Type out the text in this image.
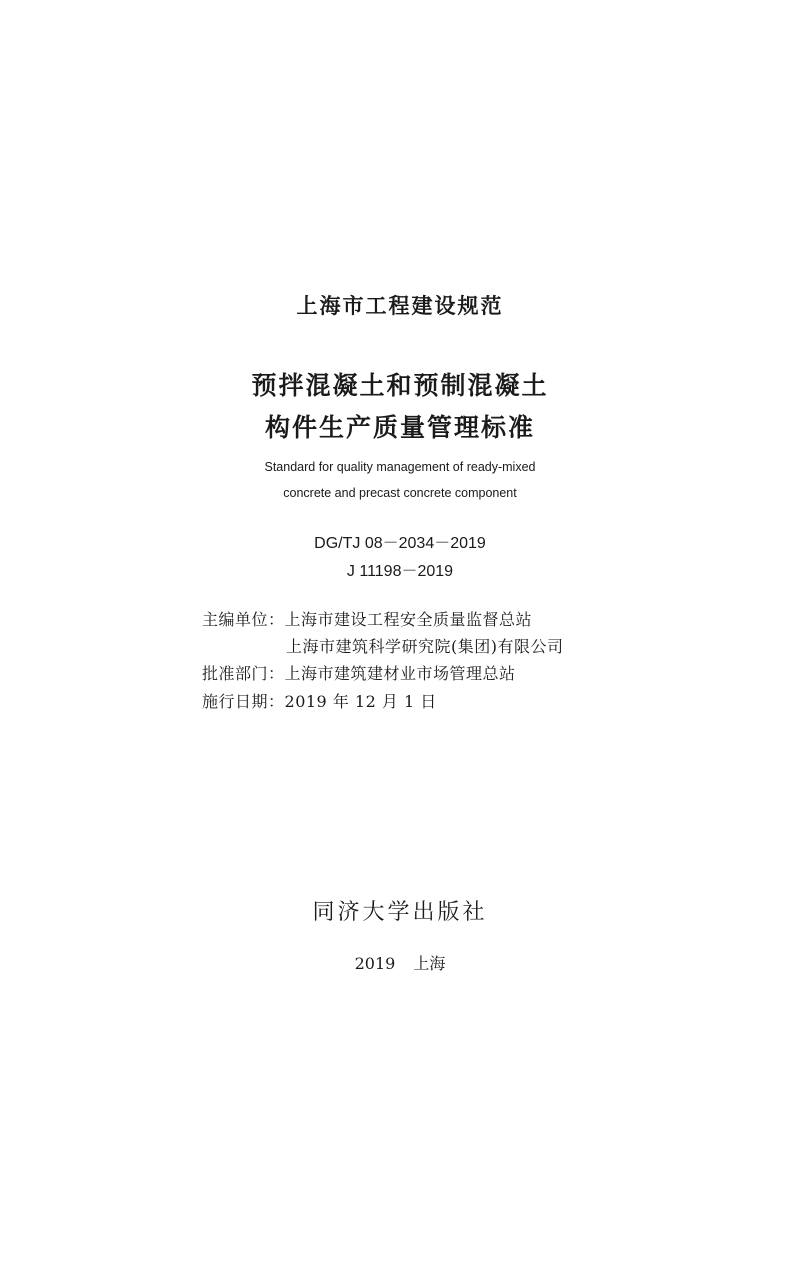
上海市工程建设规范
预拌混凝土和预制混凝土
构件生产质量管理标准
Standard for quality management of ready-mixed
concrete and precast concrete component
DG/TJ 08－2034－2019
J 11198－2019
主编单位：上海市建设工程安全质量监督总站
上海市建筑科学研究院(集团)有限公司
批准部门：上海市建筑建材业市场管理总站
施行日期：2019 年 12 月 1 日
同济大学出版社
2019 上海
